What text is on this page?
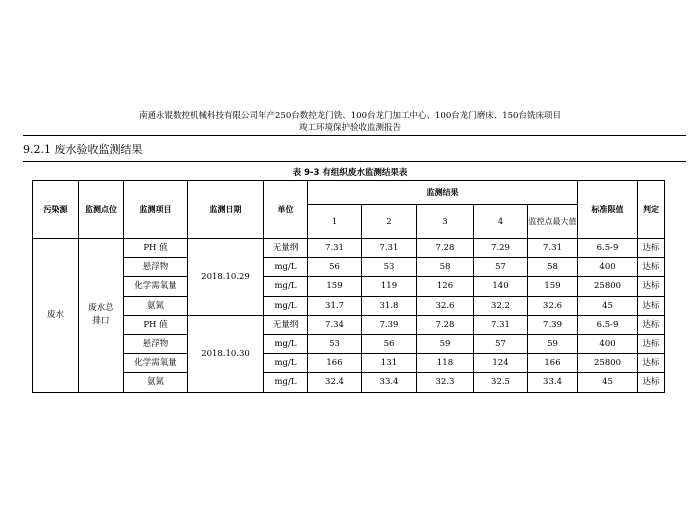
南通永锟数控机械科技有限公司年产250台数控龙门铣、100台龙门加工中心、100台龙门磨床、150台铣床项目
竣工环境保护验收监测报告
9.2.1 废水验收监测结果
表 9-3 有组织废水监测结果表
污染源	监测点位	监测项目	监测日期	单位	监测结果					标准限值	判定
					1	2	3	4	监控点最大值		
废水	废水总排口	PH 值	2018.10.29	无量纲	7.31	7.31	7.28	7.29	7.31	6.5-9	达标
		悬浮物		mg/L	56	53	58	57	58	400	达标
		化学需氧量		mg/L	159	119	126	140	159	25800	达标
		氨氮		mg/L	31.7	31.8	32.6	32.2	32.6	45	达标
		PH 值	2018.10.30	无量纲	7.34	7.39	7.28	7.31	7.39	6.5-9	达标
		悬浮物		mg/L	53	56	59	57	59	400	达标
		化学需氧量		mg/L	166	131	118	124	166	25800	达标
		氨氮		mg/L	32.4	33.4	32.3	32.5	33.4	45	达标
